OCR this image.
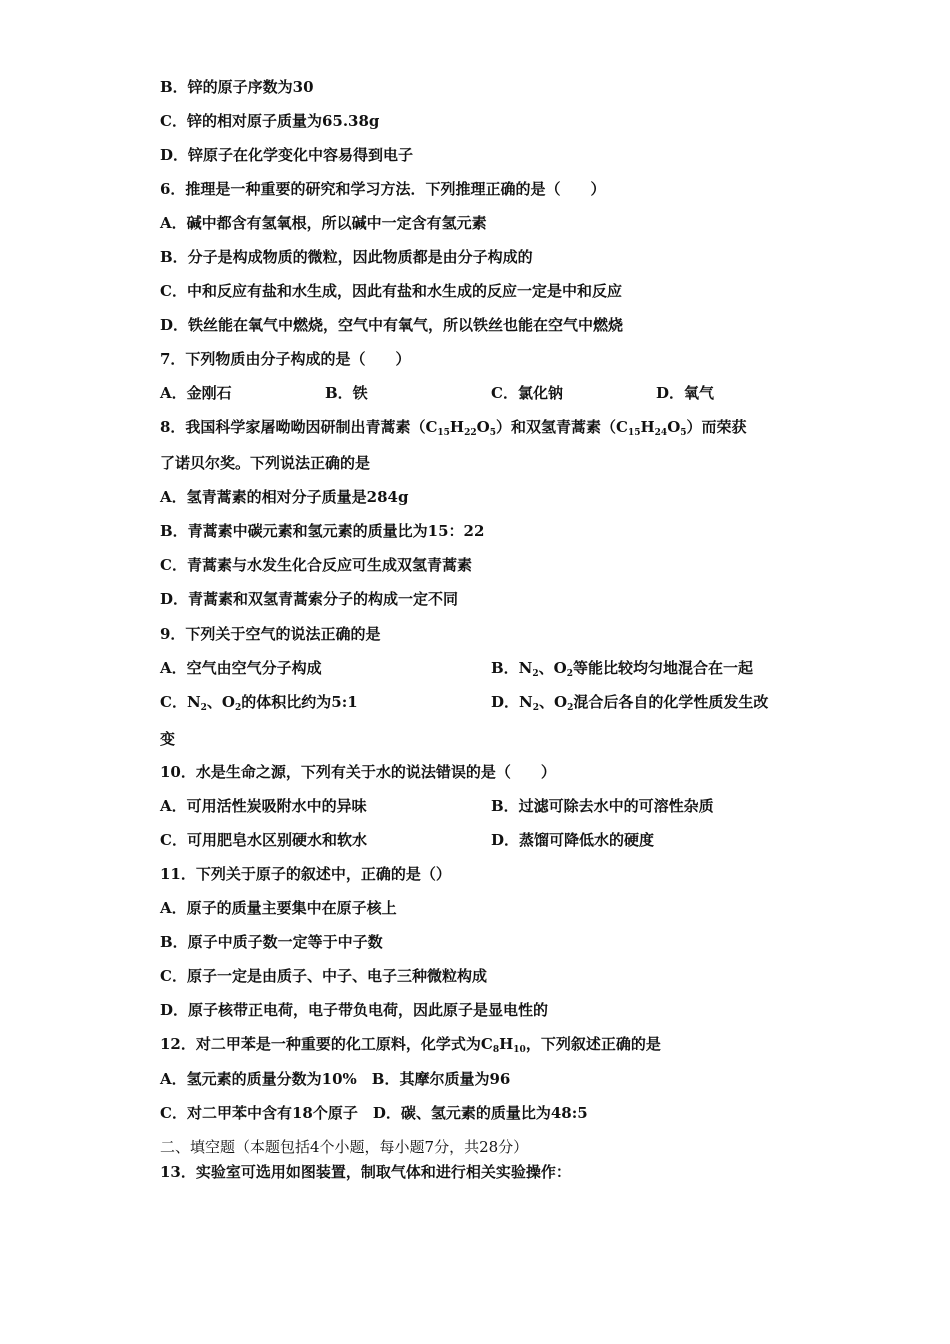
B．锌的原子序数为30
C．锌的相对原子质量为65.38g
D．锌原子在化学变化中容易得到电子
6．推理是一种重要的研究和学习方法．下列推理正确的是（　　）
A．碱中都含有氢氧根，所以碱中一定含有氢元素
B．分子是构成物质的微粒，因此物质都是由分子构成的
C．中和反应有盐和水生成，因此有盐和水生成的反应一定是中和反应
D．铁丝能在氧气中燃烧，空气中有氧气，所以铁丝也能在空气中燃烧
7．下列物质由分子构成的是（　　）
A．金刚石	B．铁	C．氯化钠	D．氧气
8．我国科学家屠呦呦因研制出青蒿素$(C_{15}H_{22}O_5)$和双氢青蒿素$(C_{15}H_{24}O_5)$而荣获
了诺贝尔奖。下列说法正确的是
A．氢青蒿素的相对分子质量是284g
B．青蒿素中碳元素和氢元素的质量比为15：22
C．青蒿素与水发生化合反应可生成双氢青蒿素
D．青蒿素和双氢青蒿索分子的构成一定不同
9．下列关于空气的说法正确的是
A．空气由空气分子构成	B．$N_2$、$O_2$等能比较均匀地混合在一起
C．$N_2$、$O_2$的体积比约为5:1	D．$N_2$、$O_2$混合后各自的化学性质发生改
变
10．水是生命之源，下列有关于水的说法错误的是（　　）
A．可用活性炭吸附水中的异味	B．过滤可除去水中的可溶性杂质
C．可用肥皂水区别硬水和软水	D．蒸馏可降低水的硬度
11．下列关于原子的叙述中，正确的是（）
A．原子的质量主要集中在原子核上
B．原子中质子数一定等于中子数
C．原子一定是由质子、中子、电子三种微粒构成
D．原子核带正电荷，电子带负电荷，因此原子是显电性的
12．对二甲苯是一种重要的化工原料，化学式为$C_8H_{10}$，下列叙述正确的是
A．氢元素的质量分数为10%　B．其摩尔质量为96
C．对二甲苯中含有18个原子　D．碳、氢元素的质量比为48:5
二、填空题（本题包括4个小题，每小题7分，共28分）
13．实验室可选用如图装置，制取气体和进行相关实验操作：
